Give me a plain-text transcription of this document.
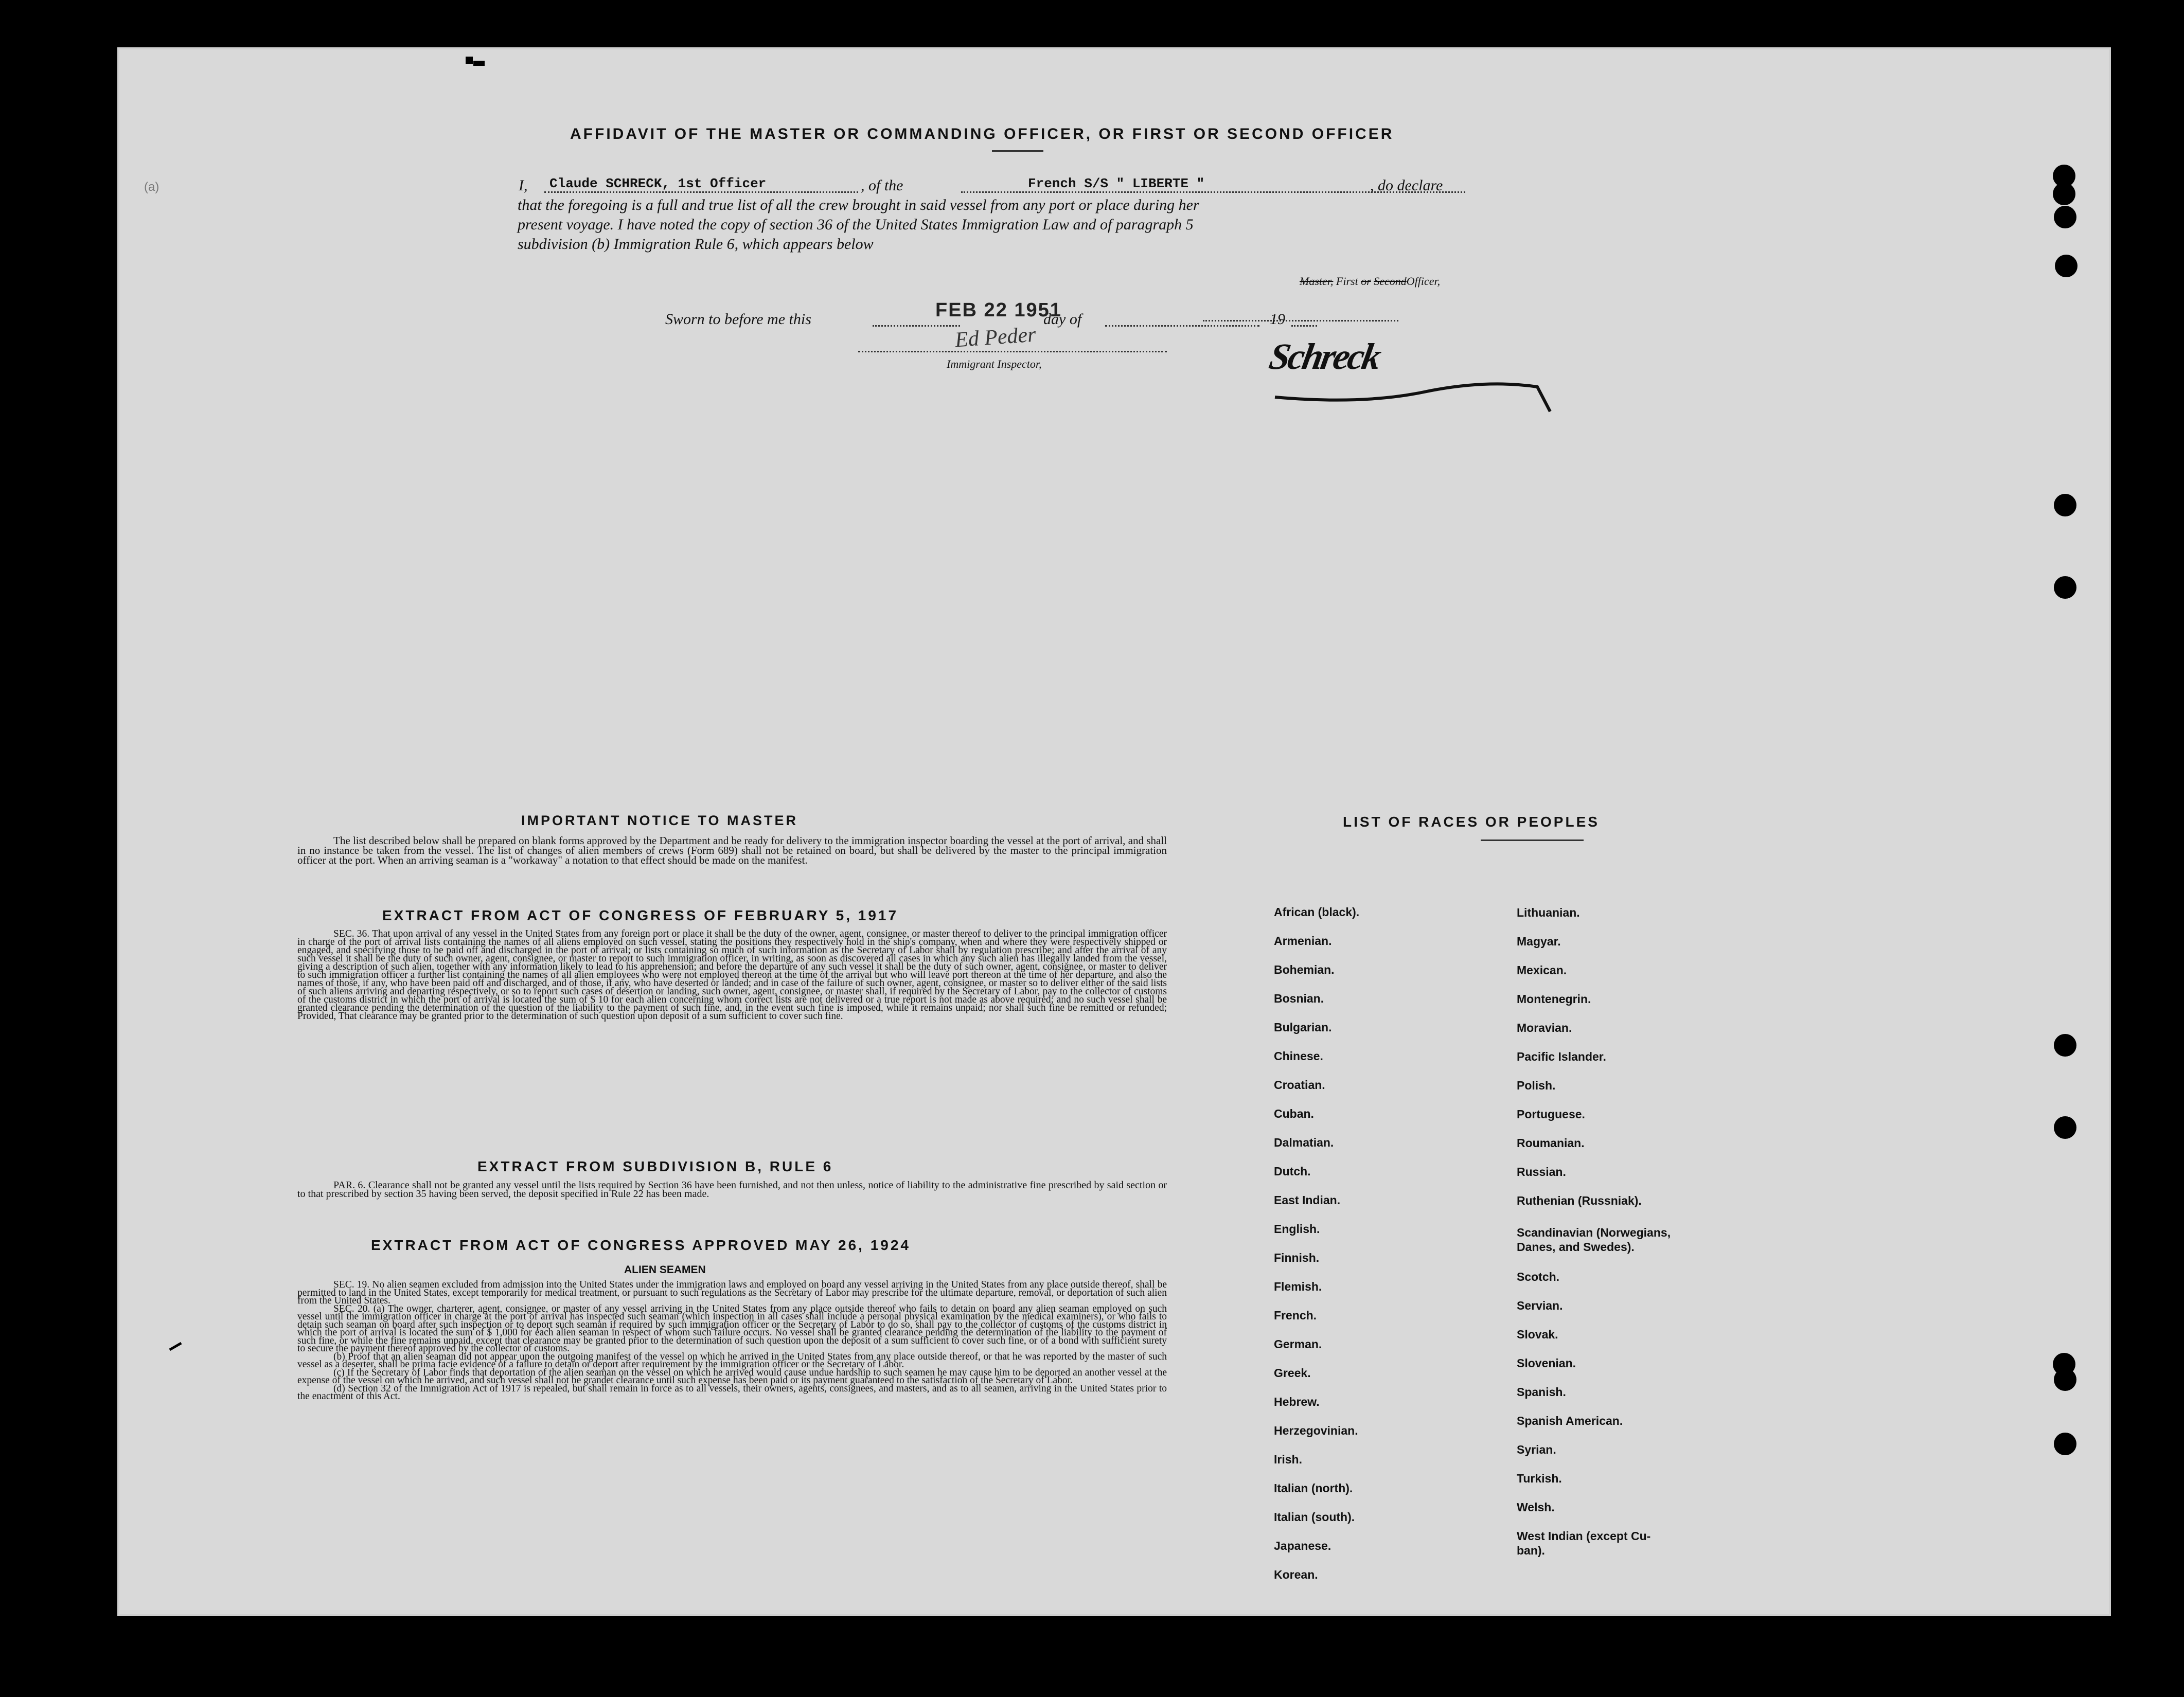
AFFIDAVIT OF THE MASTER OR COMMANDING OFFICER, OR FIRST OR SECOND OFFICER
(a)	I,	Claude SCHRECK, 1st Officer	, of the	French S/S " LIBERTE "	, do declare
that the foregoing is a full and true list of all the crew brought in said vessel from any port or place during her
present voyage. I have noted the copy of section 36 of the United States Immigration Law and of paragraph 5
subdivision (b) Immigration Rule 6, which appears below
Master, First or SecondOfficer,
Sworn to before me this	FEB 22 1951
day of	19
Ed Peder
Immigrant Inspector,	Schreck
IMPORTANT NOTICE TO MASTER
The list described below shall be prepared on blank forms approved by the Department and be ready for delivery to the immigration inspector boarding the vessel at the port of arrival, and shall in no instance be taken from the vessel. The list of changes of alien members of crews (Form 689) shall not be retained on board, but shall be delivered by the master to the principal immigration officer at the port. When an arriving seaman is a "workaway" a notation to that effect should be made on the manifest.
EXTRACT FROM ACT OF CONGRESS OF FEBRUARY 5, 1917
SEC. 36. That upon arrival of any vessel in the United States from any foreign port or place it shall be the duty of the owner, agent, consignee, or master thereof to deliver to the principal immigration officer in charge of the port of arrival lists containing the names of all aliens employed on such vessel, stating the positions they respectively hold in the ship's company, when and where they were respectively shipped or engaged, and specifying those to be paid off and discharged in the port of arrival; or lists containing so much of such information as the Secretary of Labor shall by regulation prescribe; and after the arrival of any such vessel it shall be the duty of such owner, agent, consignee, or master to report to such immigration officer, in writing, as soon as discovered all cases in which any such alien has illegally landed from the vessel, giving a description of such alien, together with any information likely to lead to his apprehension; and before the departure of any such vessel it shall be the duty of such owner, agent, consignee, or master to deliver to such immigration officer a further list containing the names of all alien employees who were not employed thereon at the time of the arrival but who will leave port thereon at the time of her departure, and also the names of those, if any, who have been paid off and discharged, and of those, if any, who have deserted or landed; and in case of the failure of such owner, agent, consignee, or master so to deliver either of the said lists of such aliens arriving and departing respectively, or so to report such cases of desertion or landing, such owner, agent, consignee, or master shall, if required by the Secretary of Labor, pay to the collector of customs of the customs district in which the port of arrival is located the sum of $ 10 for each alien concerning whom correct lists are not delivered or a true report is not made as above required; and no such vessel shall be granted clearance pending the determination of the question of the liability to the payment of such fine, and, in the event such fine is imposed, while it remains unpaid; nor shall such fine be remitted or refunded; Provided, That clearance may be granted prior to the determination of such question upon deposit of a sum sufficient to cover such fine.
EXTRACT FROM SUBDIVISION B, RULE 6
PAR. 6. Clearance shall not be granted any vessel until the lists required by Section 36 have been furnished, and not then unless, notice of liability to the administrative fine prescribed by said section or to that prescribed by section 35 having been served, the deposit specified in Rule 22 has been made.
EXTRACT FROM ACT OF CONGRESS APPROVED MAY 26, 1924
ALIEN SEAMEN
SEC. 19. No alien seamen excluded from admission into the United States under the immigration laws and employed on board any vessel arriving in the United States from any place outside thereof, shall be permitted to land in the United States, except temporarily for medical treatment, or pursuant to such regulations as the Secretary of Labor may prescribe for the ultimate departure, removal, or deportation of such alien from the United States.
SEC. 20. (a) The owner, charterer, agent, consignee, or master of any vessel arriving in the United States from any place outside thereof who fails to detain on board any alien seaman employed on such vessel until the immigration officer in charge at the port of arrival has inspected such seaman (which inspection in all cases shall include a personal physical examination by the medical examiners), or who fails to detain such seaman on board after such inspection or to deport such seaman if required by such immigration officer or the Secretary of Labor to do so, shall pay to the collector of customs of the customs district in which the port of arrival is located the sum of $ 1,000 for each alien seaman in respect of whom such failure occurs. No vessel shall be granted clearance pending the determination of the liability to the payment of such fine, or while the fine remains unpaid, except that clearance may be granted prior to the determination of such question upon the deposit of a sum sufficient to cover such fine, or of a bond with sufficient surety to secure the payment thereof approved by the collector of customs.
(b) Proof that an alien seaman did not appear upon the outgoing manifest of the vessel on which he arrived in the United States from any place outside thereof, or that he was reported by the master of such vessel as a deserter, shall be prima facie evidence of a failure to detain or deport after requirement by the immigration officer or the Secretary of Labor.
(c) If the Secretary of Labor finds that deportation of the alien seaman on the vessel on which he arrived would cause undue hardship to such seamen he may cause him to be deported an another vessel at the expense of the vessel on which he arrived, and such vessel shall not be grandet clearance until such expense has been paid or its payment guaranteed to the satisfaction of the Secretary of Labor.
(d) Section 32 of the Immigration Act of 1917 is repealed, but shall remain in force as to all vessels, their owners, agents, consignees, and masters, and as to all seamen, arriving in the United States prior to the enactment of this Act.
LIST OF RACES OR PEOPLES
African (black).
Armenian.
Bohemian.
Bosnian.
Bulgarian.
Chinese.
Croatian.
Cuban.
Dalmatian.
Dutch.
East Indian.
English.
Finnish.
Flemish.
French.
German.
Greek.
Hebrew.
Herzegovinian.
Irish.
Italian (north).
Italian (south).
Japanese.
Korean.
Lithuanian.
Magyar.
Mexican.
Montenegrin.
Moravian.
Pacific Islander.
Polish.
Portuguese.
Roumanian.
Russian.
Ruthenian (Russniak).
Scandinavian (Norwegians,
Danes, and Swedes).
Scotch.
Servian.
Slovak.
Slovenian.
Spanish.
Spanish American.
Syrian.
Turkish.
Welsh.
West Indian (except Cu-
ban).
